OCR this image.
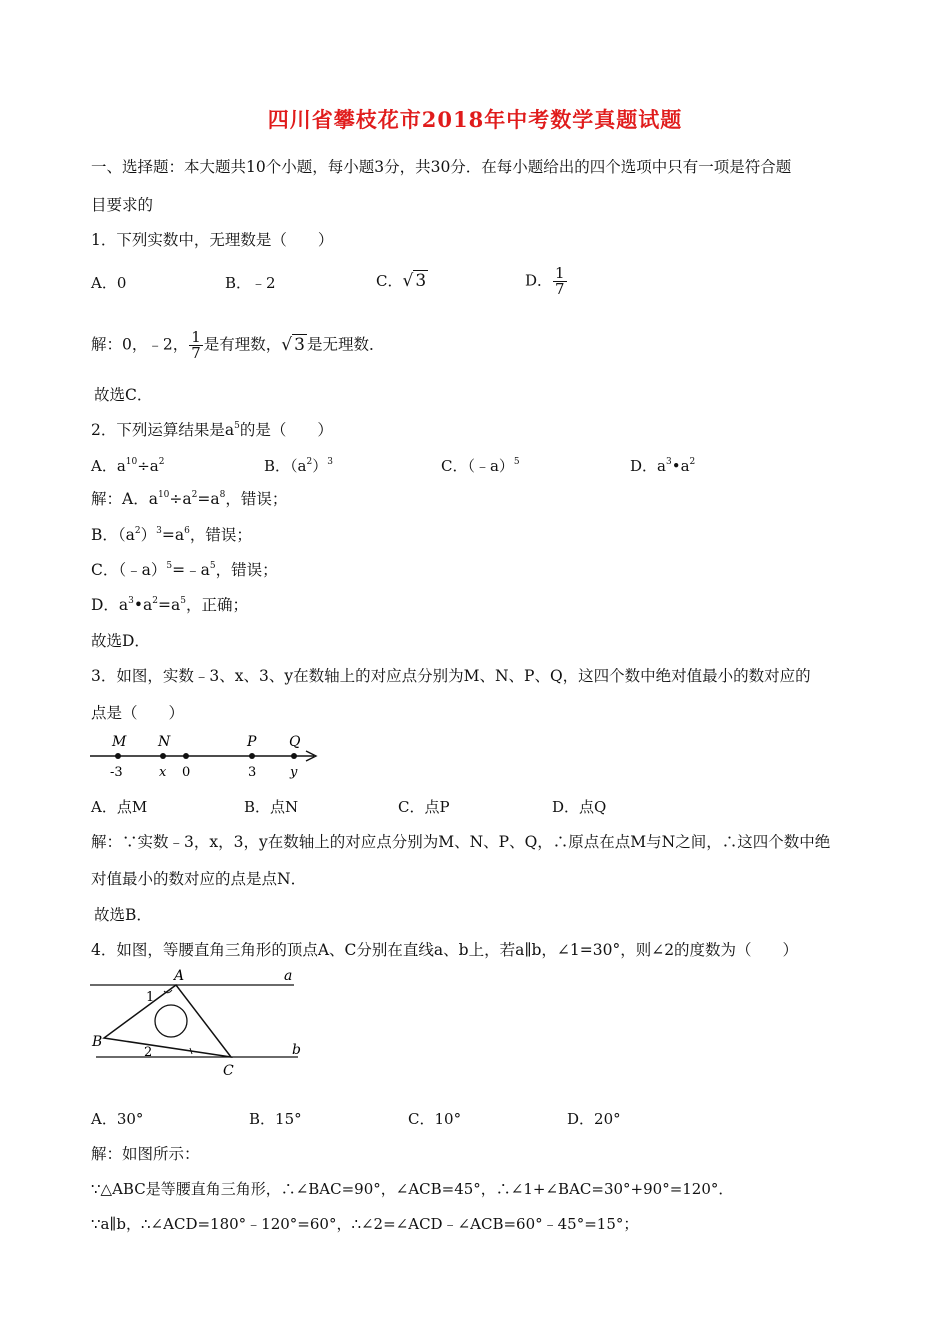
四川省攀枝花市2018年中考数学真题试题
一、选择题：本大题共10个小题，每小题3分，共30分．在每小题给出的四个选项中只有一项是符合题
目要求的
1．下列实数中，无理数是（　　）
A．0	B．﹣2	C．√ 3	D． $\frac{1}{7}$
解：0，﹣2， $\frac{1}{7}$ 是有理数，√ 3 是无理数．
故选C．
2．下列运算结果是$a^5$的是（　　）
A．$a^{10}\div a^2$	B．$(a^2)^3$	C．（﹣a）$^5$	D．$a^3•a^2$
解：A．$a^{10}\div a^2=a^8$，错误；
B．$(a^2)^3=a^6$，错误；
C．$(﹣a)^5=﹣a^5$，错误；
D．$a^3•a^2=a^5$，正确；
故选D．
3．如图，实数﹣3、x、3、y在数轴上的对应点分别为M、N、P、Q，这四个数中绝对值最小的数对应的
点是（　　）
M N	P Q
-3	x 0	3	y
A．点M	B．点N	C．点P	D．点Q
解：∵实数﹣3，x，3，y在数轴上的对应点分别为M、N、P、Q，∴原点在点M与N之间，∴这四个数中绝
对值最小的数对应的点是点N．
故选B．
4．如图，等腰直角三角形的顶点A、C分别在直线a、b上，若a∥b，∠1=30°，则∠2的度数为（　　）
A
B
C
a
b
1
2
A．30°	B．15°	C．10°	D．20°
解：如图所示：
∵△ABC是等腰直角三角形，∴∠BAC=90°，∠ACB=45°，∴∠1+∠BAC=30°+90°=120°．
∵a∥b，∴∠ACD=180°﹣120°=60°，∴∠2=∠ACD﹣∠ACB=60°﹣45°=15°；
